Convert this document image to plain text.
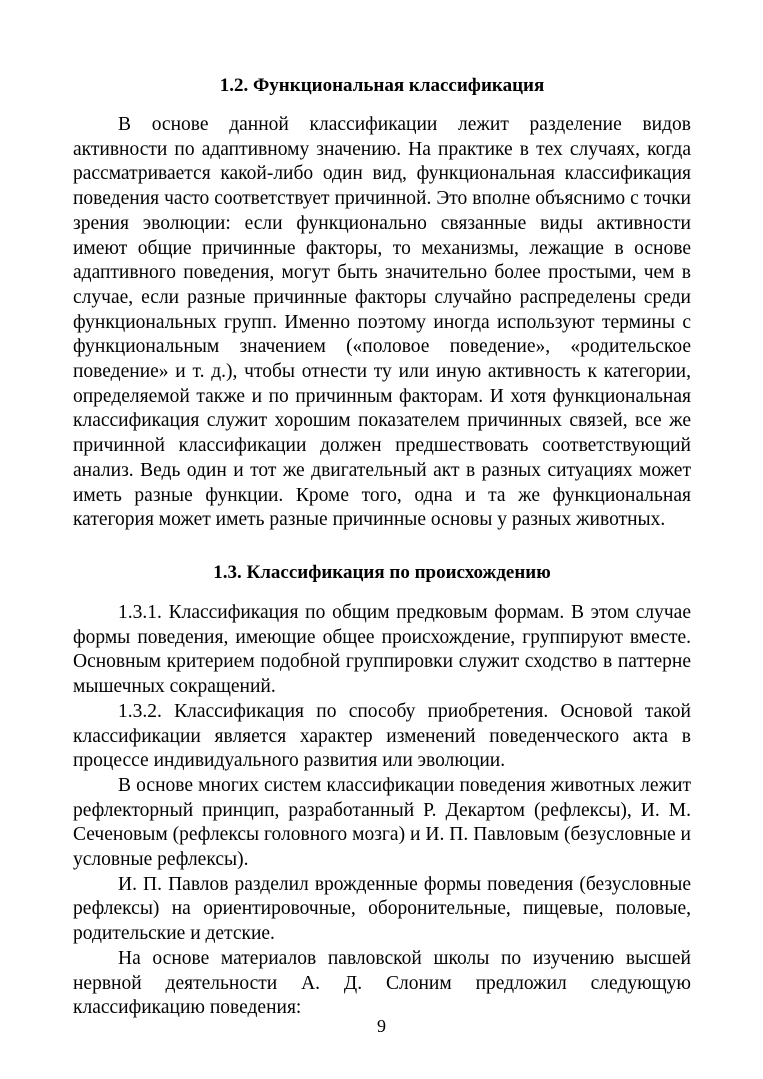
1.2. Функциональная классификация

В основе данной классификации лежит разделение видов активности по адаптивному значению. На практике в тех случаях, когда рассматривается какой-либо один вид, функциональная классификация поведения часто соответствует причинной. Это вполне объяснимо с точки зрения эволюции: если функционально связанные виды активности имеют общие причинные факторы, то механизмы, лежащие в основе адаптивного поведения, могут быть значительно более простыми, чем в случае, если разные причинные факторы случайно распределены среди функциональных групп. Именно поэтому иногда используют термины с функциональным значением («половое поведение», «родительское поведение» и т. д.), чтобы отнести ту или иную активность к категории, определяемой также и по причинным факторам. И хотя функциональная классификация служит хорошим показателем причинных связей, все же причинной классификации должен предшествовать соответствующий анализ. Ведь один и тот же двигательный акт в разных ситуациях может иметь разные функции. Кроме того, одна и та же функциональная категория может иметь разные причинные основы у разных животных.

1.3. Классификация по происхождению

1.3.1. Классификация по общим предковым формам. В этом случае формы поведения, имеющие общее происхождение, группируют вместе. Основным критерием подобной группировки служит сходство в паттерне мышечных сокращений.

1.3.2. Классификация по способу приобретения. Основой такой классификации является характер изменений поведенческого акта в процессе индивидуального развития или эволюции.

В основе многих систем классификации поведения животных лежит рефлекторный принцип, разработанный Р. Декартом (рефлексы), И. М. Сеченовым (рефлексы головного мозга) и И. П. Павловым (безусловные и условные рефлексы).

И. П. Павлов разделил врожденные формы поведения (безусловные рефлексы) на ориентировочные, оборонительные, пищевые, половые, родительские и детские.

На основе материалов павловской школы по изучению высшей нервной деятельности А. Д. Слоним предложил следующую классификацию поведения:

9
